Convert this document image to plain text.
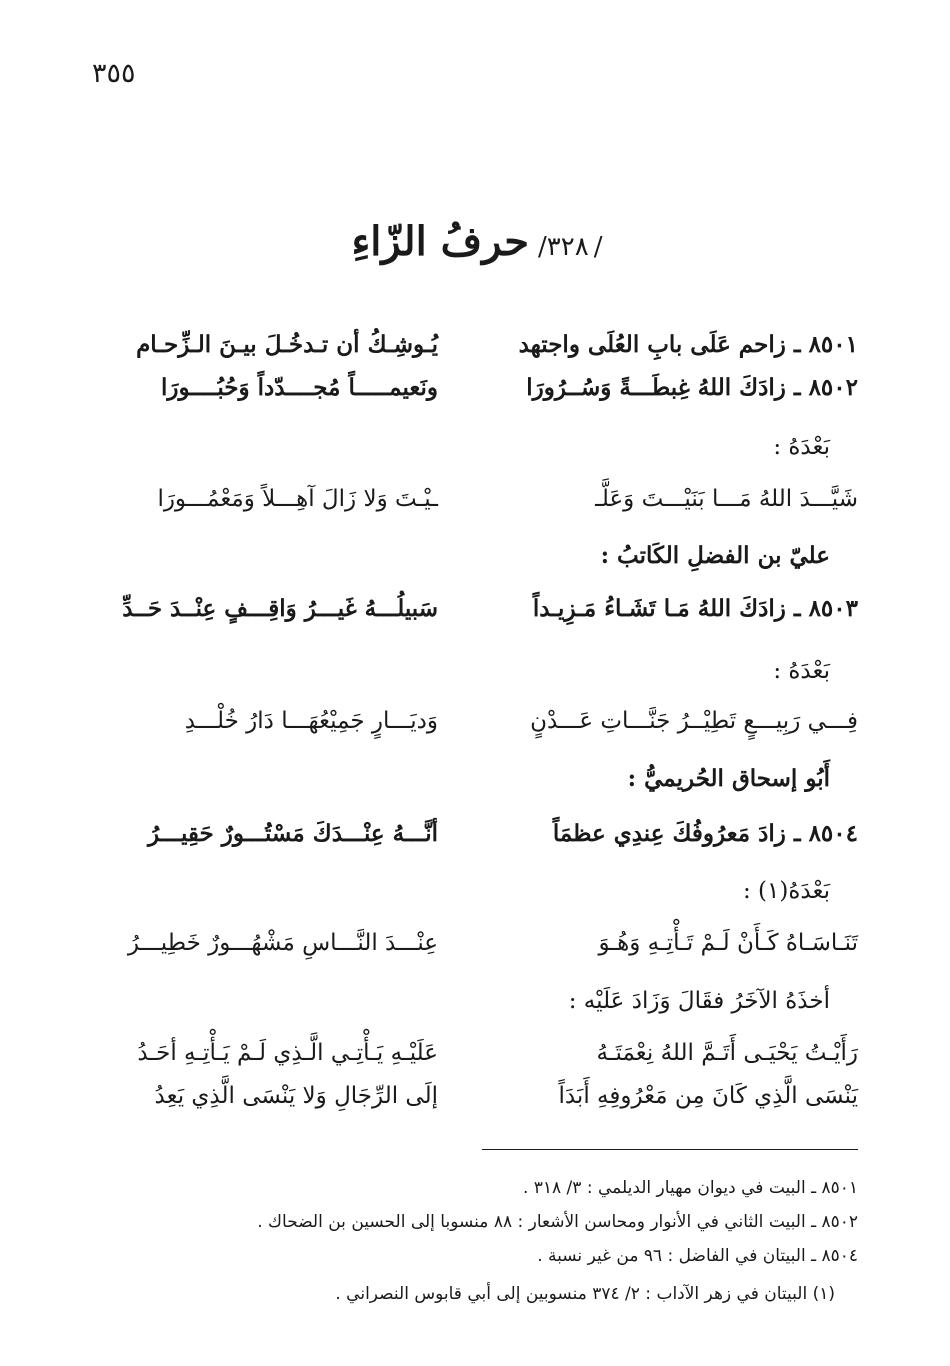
٣٥٥
/ ٣٢٨/ حرفُ الزّاءِ
٨٥٠١ ـ زاحم عَلَى بابِ العُلَى واجتهد
يُـوشِـكُ أن تـدخُـلَ بيـنَ الـزِّحـام
٨٥٠٢ ـ زادَكَ اللهُ غِبطَـــةً وَسُــرُورَا
ونَعيمـــــاً مُجــــدّداً وَحُبُــــورَا
بَعْدَهُ :
شَيَّـــدَ اللهُ مَـــا بَنَيْـــتَ وَعَلَّـ
ـيْـتَ وَلا زَالَ آهِـــلاً وَمَعْمُـــورَا
عليّ بن الفضلِ الكَاتبُ :
٨٥٠٣ ـ زادَكَ اللهُ مَـا تَشَـاءُ مَـزِيـداً
سَبيلُـــهُ غَيـــرُ وَاقِـــفٍ عِنْــدَ حَــدِّ
بَعْدَهُ :
فِـــي رَبِيـــعٍ تَطِيْــرُ جَنَّـــاتِ عَـــدْنٍ
وَديَـــارٍ جَمِيْعُهَـــا دَارُ خُلْـــدِ
أَبُو إسحاق الحُريميُّ :
٨٥٠٤ ـ زادَ مَعرُوفُكَ عِندِي عظمَاً
أنَّـــهُ عِنْـــدَكَ مَسْتُـــورٌ حَقِيـــرُ
بَعْدَهُ(١) :
تَنَـاسَـاهُ كَـأَنْ لَـمْ تَـأْتِـهِ وَهُـوَ
عِنْـــدَ النَّـــاسِ مَشْهُـــورٌ خَطِيـــرُ
أخذَهُ الآخَرُ فقَالَ وَزَادَ عَلَيْه :
رَأَيْـتُ يَحْيَـى أَتَـمَّ اللهُ نِعْمَتَـهُ
عَلَيْـهِ يَـأْتِـي الَّـذِي لَـمْ يَـأْتِـهِ أحَـدُ
يَنْسَى الَّذِي كَانَ مِن مَعْرُوفِهِ أَبَدَاً
إلَى الرِّجَالِ وَلا يَنْسَى الَّذِي يَعِدُ
٨٥٠١ ـ البيت في ديوان مهيار الديلمي : ٣/ ٣١٨ .
٨٥٠٢ ـ البيت الثاني في الأنوار ومحاسن الأشعار : ٨٨ منسوبا إلى الحسين بن الضحاك .
٨٥٠٤ ـ البيتان في الفاضل : ٩٦ من غير نسبة .
(١) البيتان في زهر الآداب : ٢/ ٣٧٤ منسوبين إلى أبي قابوس النصراني .
